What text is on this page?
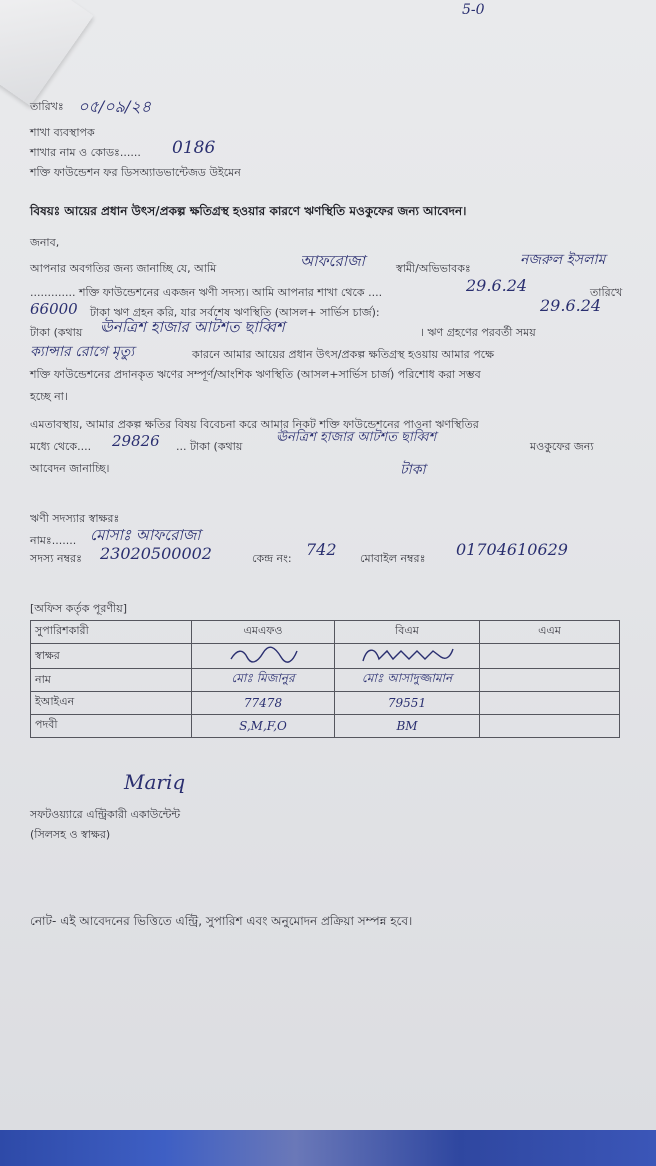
5-0
তারিখঃ ০৫/০৯/২৪
শাখা ব্যবস্থাপক
শাখার নাম ও কোডঃ...... 0186
শক্তি ফাউন্ডেশন ফর ডিসঅ্যাডভান্টেজড উইমেন
বিষয়ঃ আয়ের প্রধান উৎস/প্রকল্প ক্ষতিগ্রস্থ হওয়ার কারণে ঋণস্থিতি মওকুফের জন্য আবেদন।
জনাব,
আপনার অবগতির জন্য জানাচ্ছি যে, আমি	আফরোজা	স্বামী/অভিভাবকঃ
নজরুল ইসলাম
............. শক্তি ফাউন্ডেশনের একজন ঋণী সদস্য। আমি আপনার শাখা থেকে ....	29.6.24	তারিখে
66000 টাকা ঋণ গ্রহন করি, যার সর্বশেষ ঋণস্থিতি (আসল+ সার্ভিস চার্জ):	29.6.24
টাকা (কথায় ঊনত্রিশ হাজার আটশত ছাব্বিশ	। ঋণ গ্রহণের পরবর্তী সময়
ক্যান্সার রোগে মৃত্যু	কারনে আমার আয়ের প্রধান উৎস/প্রকল্প ক্ষতিগ্রস্থ হওয়ায় আমার পক্ষে
শক্তি ফাউন্ডেশনের প্রদানকৃত ঋণের সম্পূর্ণ/আংশিক ঋণস্থিতি (আসল+সার্ভিস চার্জ) পরিশোধ করা সম্ভব
হচ্ছে না।
এমতাবস্থায়, আমার প্রকল্প ক্ষতির বিষয় বিবেচনা করে আমার নিকট শক্তি ফাউন্ডেশনের পাওনা ঋণস্থিতির
মধ্যে থেকে.... 29826 ... টাকা (কথায়
ঊনত্রিশ হাজার আটশত ছাব্বিশ
মওকুফের জন্য
আবেদন জানাচ্ছি।	টাকা
ঋণী সদস্যার স্বাক্ষরঃ
নামঃ....... মোসাঃ আফরোজা
সদস্য নম্বরঃ 23020500002	কেন্দ্র নং: 742 মোবাইল নম্বরঃ 01704610629
[অফিস কর্তৃক পূরণীয়]
সুপারিশকারী	এমএফও	বিএম	এএম
স্বাক্ষর			
নাম	মোঃ মিজানুর	মোঃ আসাদুজ্জামান	
ইআইএন	77478	79551	
পদবী	S,M,F,O	BM	
Mariq
সফটওয়্যারে এন্ট্রিকারী একাউন্টেন্ট
(সিলসহ ও স্বাক্ষর)
নোট- এই আবেদনের ভিত্তিতে এন্ট্রি, সুপারিশ এবং অনুমোদন প্রক্রিয়া সম্পন্ন হবে।
